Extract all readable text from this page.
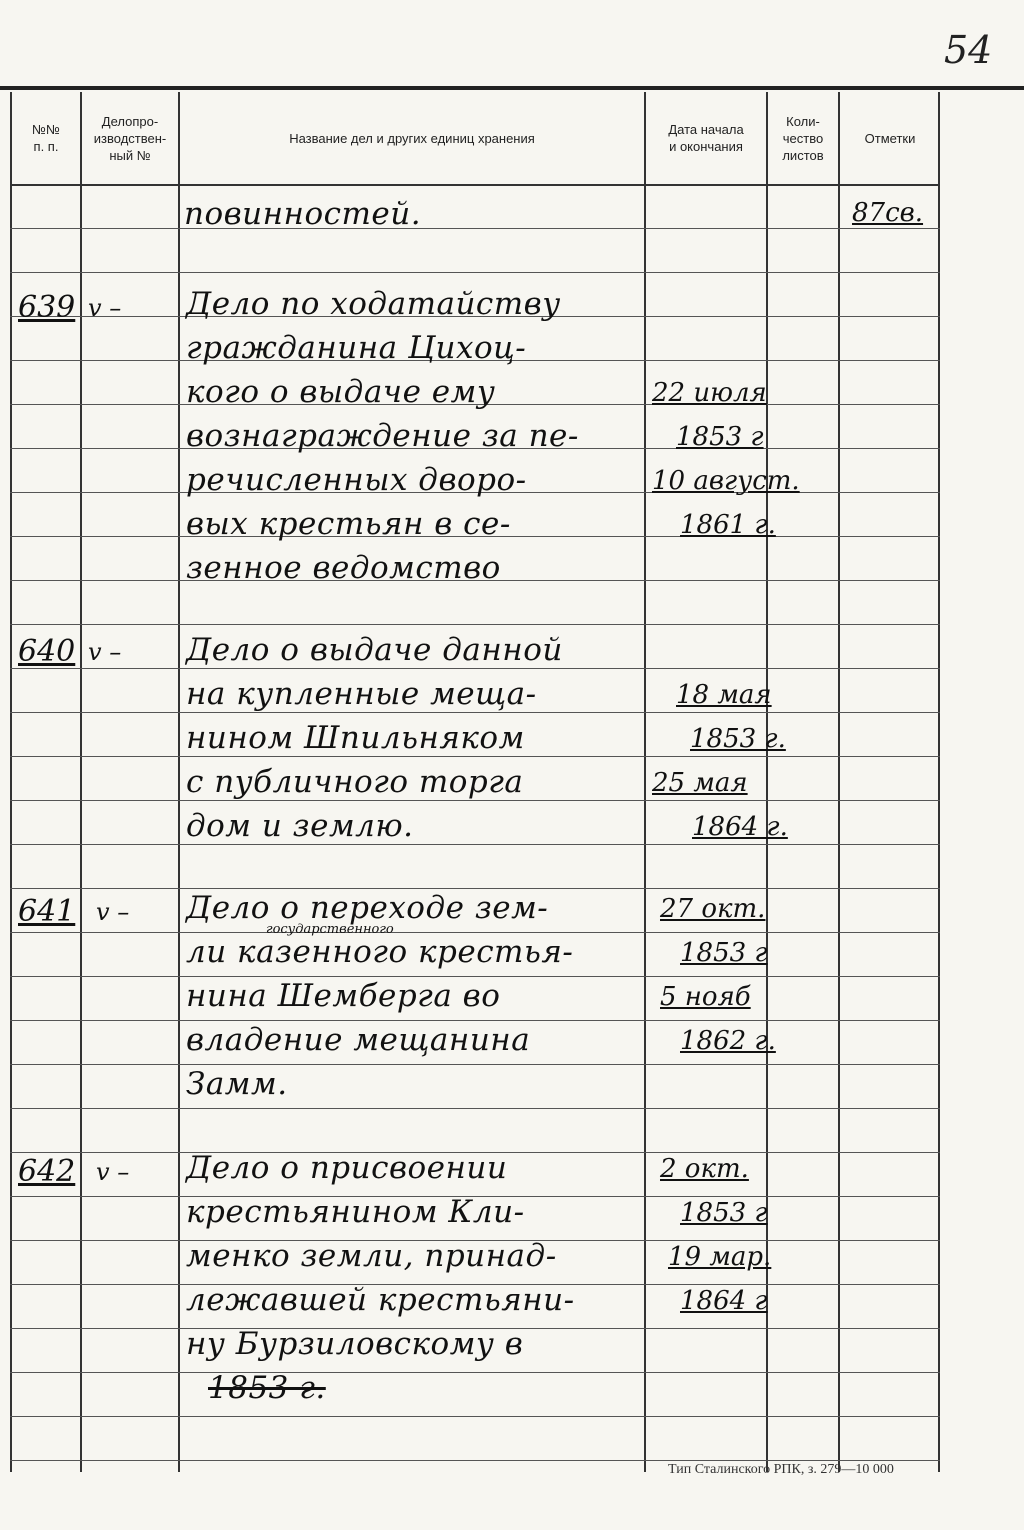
54
№№
п. п.
Делопро-
изводствен-
ный №
Название дел и других единиц хранения
Дата начала
и окончания
Коли-
чество
листов
Отметки
повинностей.	87св.
639 v – Дело по ходатайству
гражданина Цихоц-
кого о выдаче ему
вознаграждение за пе-
речисленных дворо-
вых крестьян в се-
зенное ведомство
22 июля
1853 г
10 август.
1861 г.
640 v – Дело о выдаче данной
на купленные меща-
нином Шпильняком
с публичного торга
дом и землю.
18 мая
1853 г.
25 мая
1864 г.
641 v – Дело о переходе зем-
государственного
ли казенного крестья-
нина Шемберга во
владение мещанина
Замм.
27 окт.
1853 г
5 нояб
1862 г.
642 v – Дело о присвоении
крестьянином Кли-
менко земли, принад-
лежавшей крестьяни-
ну Бурзиловскому в
1853 г.
2 окт.
1853 г
19 мар.
1864 г
Тип Сталинского РПК, з. 279—10 000
